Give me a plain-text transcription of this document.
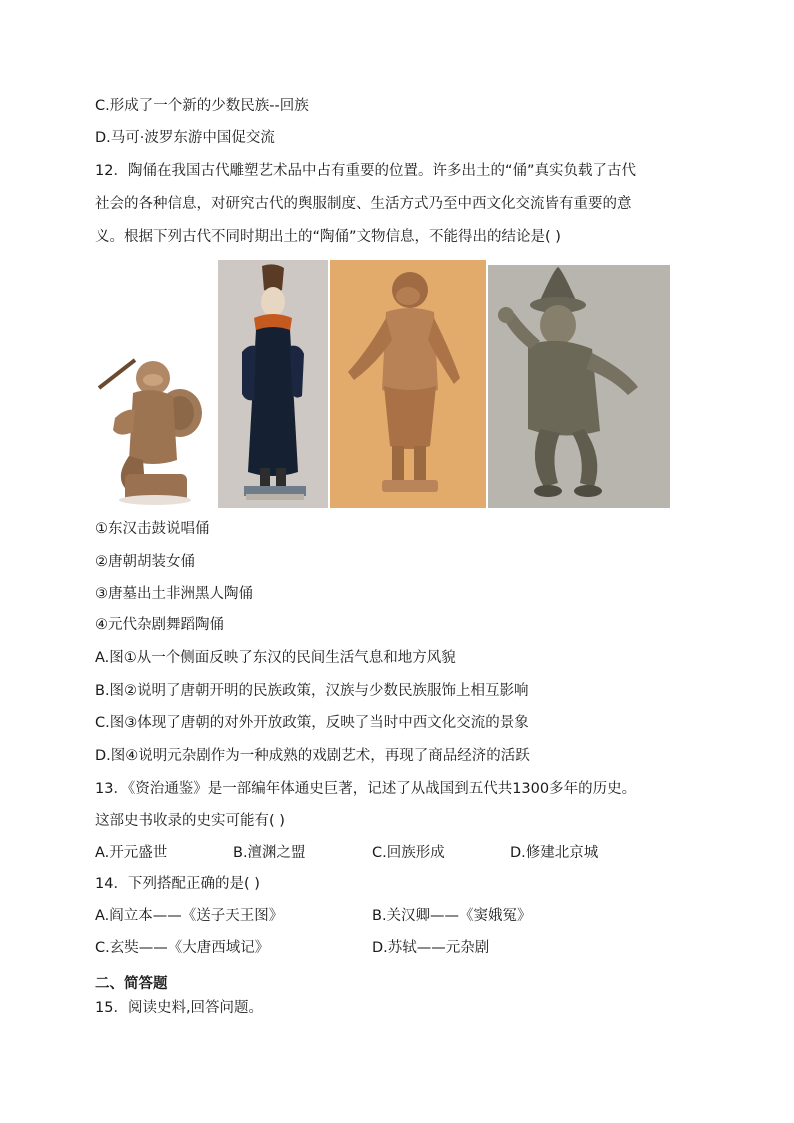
C.形成了一个新的少数民族--回族
D.马可·波罗东游中国促交流
12．陶俑在我国古代雕塑艺术品中占有重要的位置。许多出土的“俑”真实负载了古代
社会的各种信息，对研究古代的舆服制度、生活方式乃至中西文化交流皆有重要的意
义。根据下列古代不同时期出土的“陶俑”文物信息，不能得出的结论是( )
①东汉击鼓说唱俑
②唐朝胡装女俑
③唐墓出土非洲黑人陶俑
④元代杂剧舞蹈陶俑
A.图①从一个侧面反映了东汉的民间生活气息和地方风貌
B.图②说明了唐朝开明的民族政策，汉族与少数民族服饰上相互影响
C.图③体现了唐朝的对外开放政策，反映了当时中西文化交流的景象
D.图④说明元杂剧作为一种成熟的戏剧艺术，再现了商品经济的活跃
13．《资治通鉴》是一部编年体通史巨著，记述了从战国到五代共1300多年的历史。
这部史书收录的史实可能有( )
A.开元盛世	B.澶渊之盟	C.回族形成	D.修建北京城
14．下列搭配正确的是( )
A.阎立本——《送子天王图》	B.关汉卿——《窦娥冤》
C.玄奘——《大唐西域记》	D.苏轼——元杂剧
二、简答题
15．阅读史料,回答问题。
